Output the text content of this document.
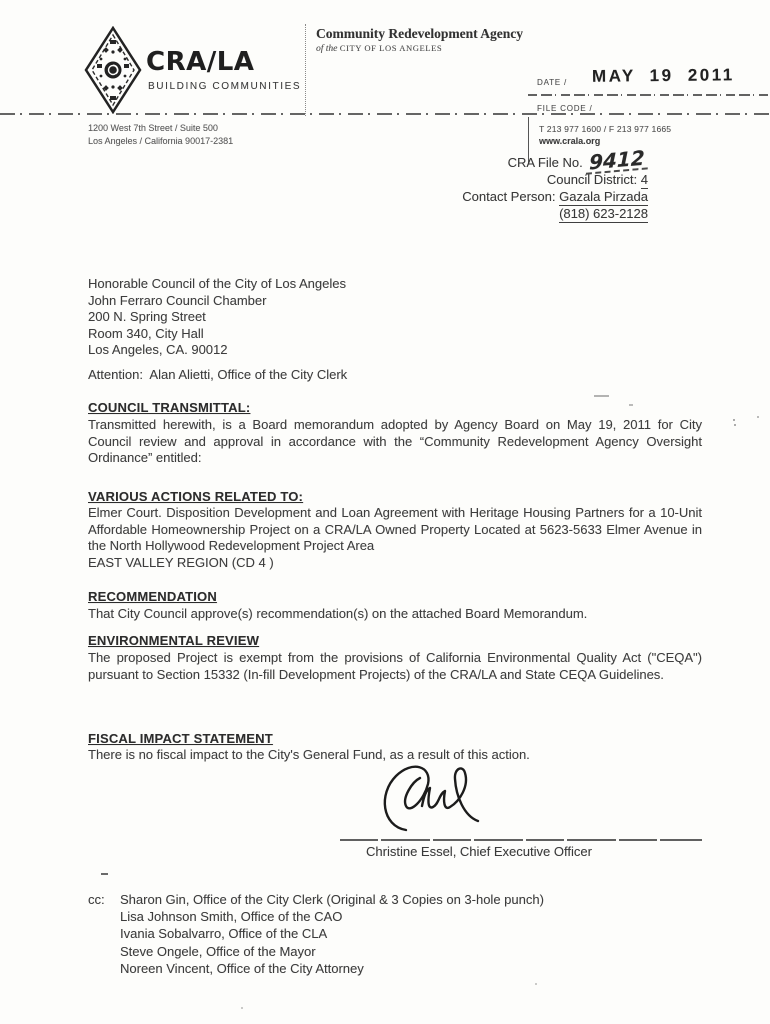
CRA/LA
BUILDING COMMUNITIES
Community Redevelopment Agency
of the CITY OF LOS ANGELES
DATE / MAY 19 2011
FILE CODE /
1200 West 7th Street / Suite 500
Los Angeles / California 90017-2381
T 213 977 1600 / F 213 977 1665
www.crala.org
CRA File No. 9412
Council District: 4
Contact Person: Gazala Pirzada
(818) 623-2128
Honorable Council of the City of Los Angeles
John Ferraro Council Chamber
200 N. Spring Street
Room 340, City Hall
Los Angeles, CA. 90012
Attention:  Alan Alietti, Office of the City Clerk
COUNCIL TRANSMITTAL:
Transmitted herewith, is a Board memorandum adopted by Agency Board on May 19, 2011 for City Council review and approval in accordance with the “Community Redevelopment Agency Oversight Ordinance” entitled:
VARIOUS ACTIONS RELATED TO:
Elmer Court. Disposition Development and Loan Agreement with Heritage Housing Partners for a 10-Unit Affordable Homeownership Project on a CRA/LA Owned Property Located at 5623-5633 Elmer Avenue in the North Hollywood Redevelopment Project Area
EAST VALLEY REGION (CD 4 )
RECOMMENDATION
That City Council approve(s) recommendation(s) on the attached Board Memorandum.
ENVIRONMENTAL REVIEW
The proposed Project is exempt from the provisions of California Environmental Quality Act ("CEQA") pursuant to Section 15332 (In-fill Development Projects) of the CRA/LA and State CEQA Guidelines.
FISCAL IMPACT STATEMENT
There is no fiscal impact to the City's General Fund, as a result of this action.
Christine Essel, Chief Executive Officer
cc: Sharon Gin, Office of the City Clerk (Original & 3 Copies on 3-hole punch)
Lisa Johnson Smith, Office of the CAO
Ivania Sobalvarro, Office of the CLA
Steve Ongele, Office of the Mayor
Noreen Vincent, Office of the City Attorney
